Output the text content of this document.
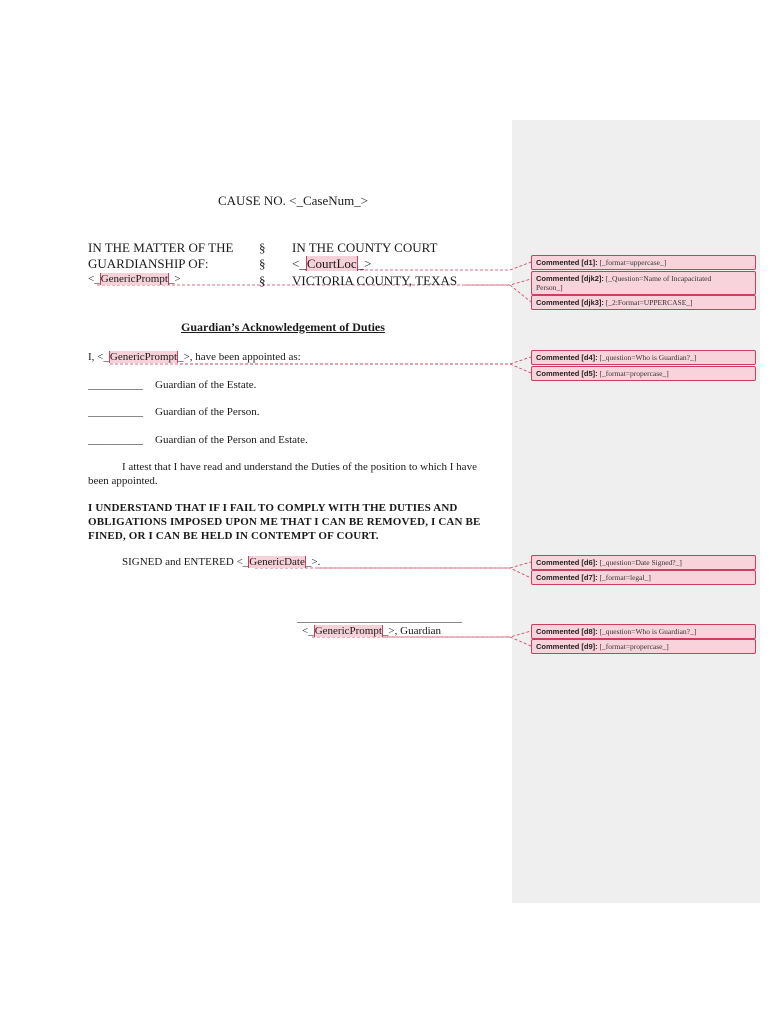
CAUSE NO. <_CaseNum_>
IN THE MATTER OF THE
GUARDIANSHIP OF:
<_GenericPrompt_>
§
§
§
IN THE COUNTY COURT
<_CourtLoc_>
VICTORIA COUNTY, TEXAS
Guardian’s Acknowledgement of Duties
I, <_GenericPrompt_>, have been appointed as:
__________ Guardian of the Estate.
__________ Guardian of the Person.
__________ Guardian of the Person and Estate.
I attest that I have read and understand the Duties of the position to which I have
been appointed.
I UNDERSTAND THAT IF I FAIL TO COMPLY WITH THE DUTIES AND
OBLIGATIONS IMPOSED UPON ME THAT I CAN BE REMOVED, I CAN BE
FINED, OR I CAN BE HELD IN CONTEMPT OF COURT.
SIGNED and ENTERED <_GenericDate_>.
______________________________
<_GenericPrompt_>, Guardian
Commented [d1]: [_format=uppercase_]
Commented [djk2]: [_Question=Name of Incapacitated
Person_]
Commented [djk3]: [_2:Format=UPPERCASE_]
Commented [d4]: [_question=Who is Guardian?_]
Commented [d5]: [_format=propercase_]
Commented [d6]: [_question=Date Signed?_]
Commented [d7]: [_format=legal_]
Commented [d8]: [_question=Who is Guardian?_]
Commented [d9]: [_format=propercase_]
